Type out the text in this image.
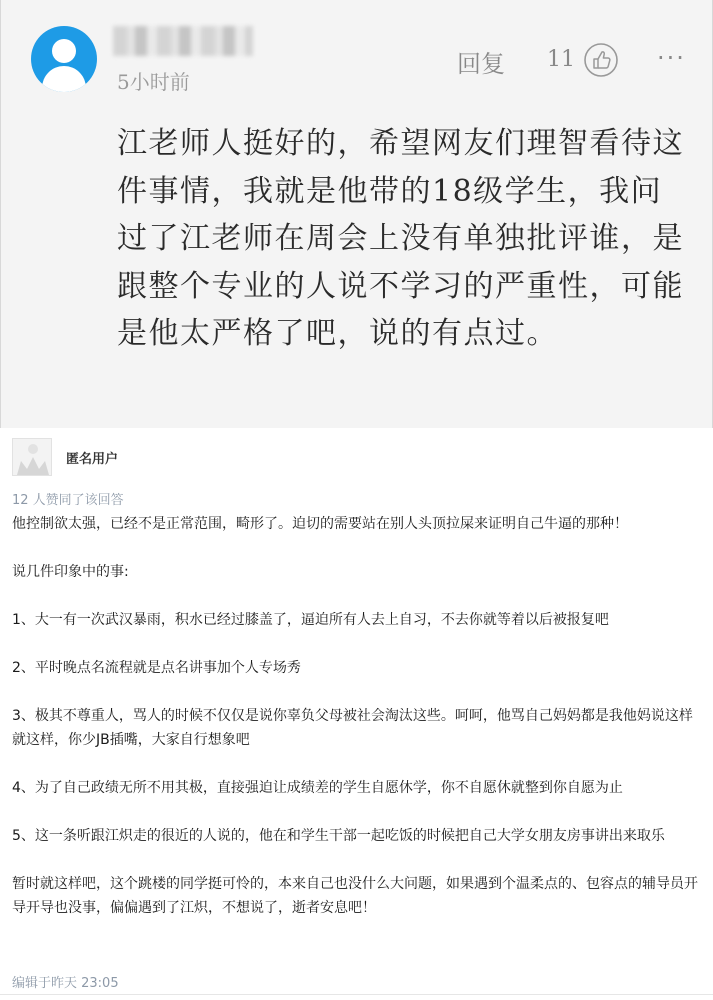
5小时前
回复 11	···
江老师人挺好的，希望网友们理智看待这件事情，我就是他带的18级学生，我问过了江老师在周会上没有单独批评谁，是跟整个专业的人说不学习的严重性，可能是他太严格了吧，说的有点过。
匿名用户
12 人赞同了该回答

他控制欲太强，已经不是正常范围，畸形了。迫切的需要站在别人头顶拉屎来证明自己牛逼的那种！

说几件印象中的事:

1、大一有一次武汉暴雨，积水已经过膝盖了，逼迫所有人去上自习，不去你就等着以后被报复吧

2、平时晚点名流程就是点名讲事加个人专场秀

3、极其不尊重人，骂人的时候不仅仅是说你辜负父母被社会淘汰这些。呵呵，他骂自己妈妈都是我他妈说这样就这样，你少JB插嘴，大家自行想象吧

4、为了自己政绩无所不用其极，直接强迫让成绩差的学生自愿休学，你不自愿休就整到你自愿为止

5、这一条听跟江炽走的很近的人说的，他在和学生干部一起吃饭的时候把自己大学女朋友房事讲出来取乐

暂时就这样吧，这个跳楼的同学挺可怜的，本来自己也没什么大问题，如果遇到个温柔点的、包容点的辅导员开导开导也没事，偏偏遇到了江炽，不想说了，逝者安息吧！

编辑于昨天 23:05
